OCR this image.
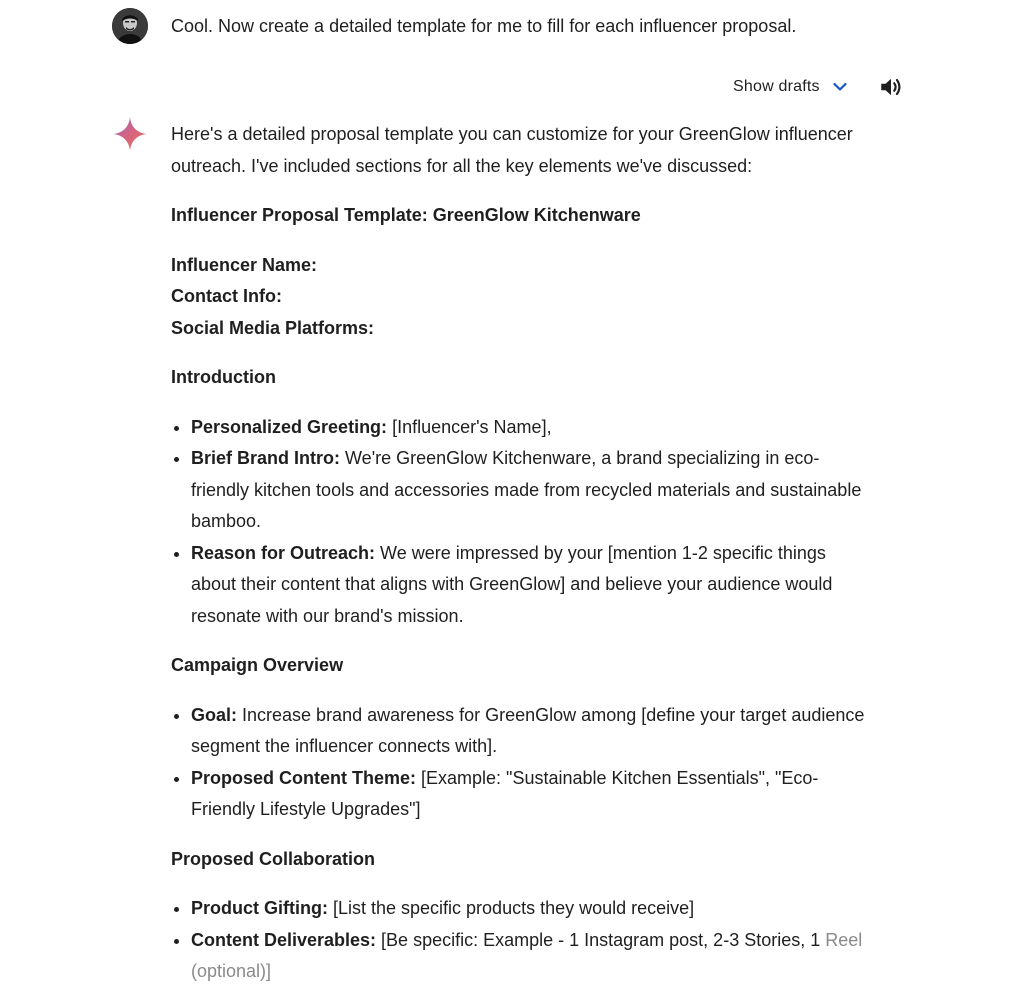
Cool. Now create a detailed template for me to fill for each influencer proposal.
Show drafts

Here's a detailed proposal template you can customize for your GreenGlow influencer outreach. I've included sections for all the key elements we've discussed:

Influencer Proposal Template: GreenGlow Kitchenware

Influencer Name:

Contact Info:

Social Media Platforms:

Introduction

• Personalized Greeting: [Influencer's Name],
• Brief Brand Intro: We're GreenGlow Kitchenware, a brand specializing in eco-friendly kitchen tools and accessories made from recycled materials and sustainable bamboo.
• Reason for Outreach: We were impressed by your [mention 1-2 specific things about their content that aligns with GreenGlow] and believe your audience would resonate with our brand's mission.

Campaign Overview

• Goal: Increase brand awareness for GreenGlow among [define your target audience segment the influencer connects with].
• Proposed Content Theme: [Example: "Sustainable Kitchen Essentials", "Eco-Friendly Lifestyle Upgrades"]

Proposed Collaboration

• Product Gifting: [List the specific products they would receive]
• Content Deliverables: [Be specific: Example - 1 Instagram post, 2-3 Stories, 1 Reel (optional)]
